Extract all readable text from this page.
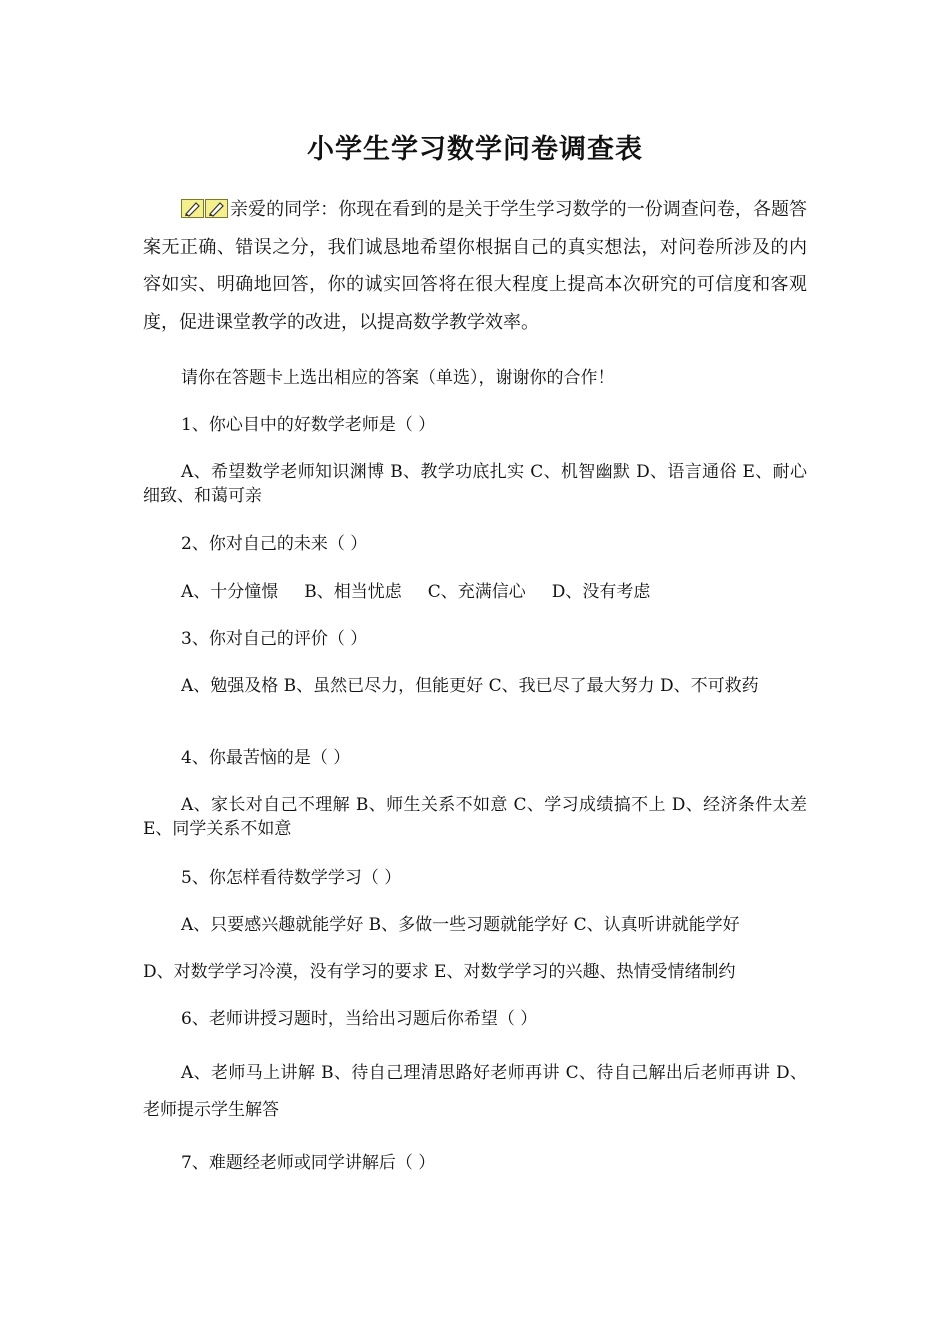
小学生学习数学问卷调查表
亲爱的同学：你现在看到的是关于学生学习数学的一份调查问卷，各题答案无正确、错误之分，我们诚恳地希望你根据自己的真实想法，对问卷所涉及的内容如实、明确地回答，你的诚实回答将在很大程度上提高本次研究的可信度和客观度，促进课堂教学的改进，以提高数学教学效率。
请你在答题卡上选出相应的答案（单选），谢谢你的合作！
1、你心目中的好数学老师是（ ）
A、希望数学老师知识渊博 B、教学功底扎实 C、机智幽默 D、语言通俗 E、耐心细致、和蔼可亲
2、你对自己的未来（ ）
A、十分憧憬 B、相当忧虑 C、充满信心 D、没有考虑
3、你对自己的评价（ ）
A、勉强及格 B、虽然已尽力，但能更好 C、我已尽了最大努力 D、不可救药
4、你最苦恼的是（ ）
A、家长对自己不理解 B、师生关系不如意 C、学习成绩搞不上 D、经济条件太差 E、同学关系不如意
5、你怎样看待数学学习（ ）
A、只要感兴趣就能学好 B、多做一些习题就能学好 C、认真听讲就能学好
D、对数学学习冷漠，没有学习的要求 E、对数学学习的兴趣、热情受情绪制约
6、老师讲授习题时，当给出习题后你希望（ ）
A、老师马上讲解 B、待自己理清思路好老师再讲 C、待自己解出后老师再讲 D、老师提示学生解答
7、难题经老师或同学讲解后（ ）
